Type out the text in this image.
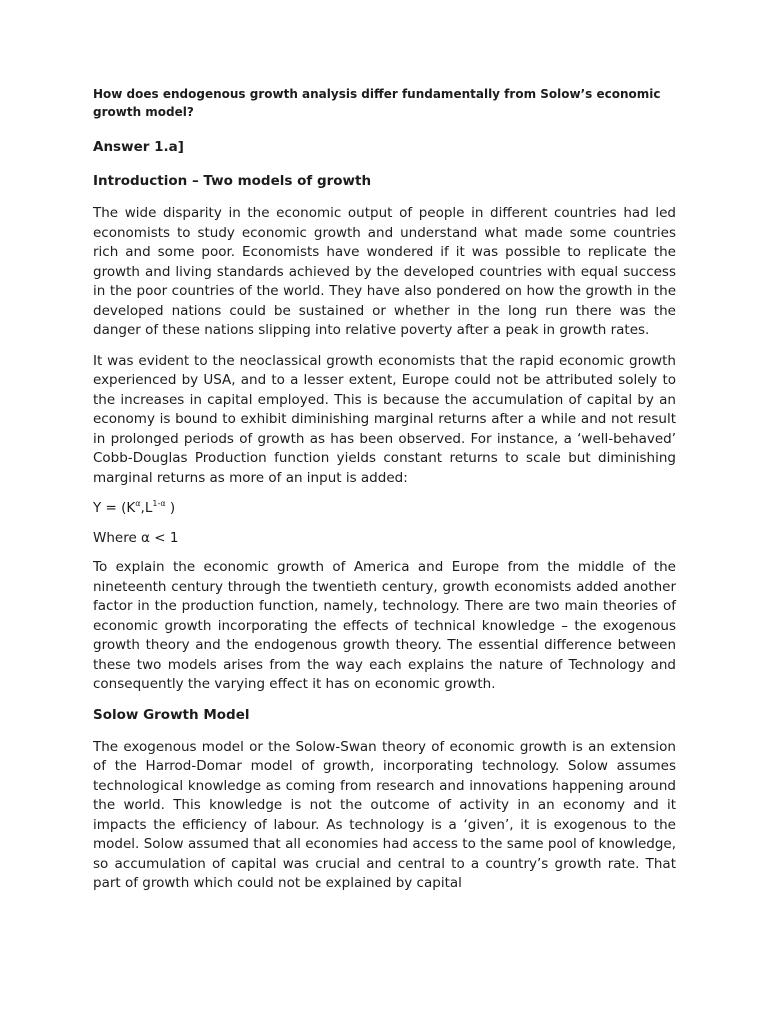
How does endogenous growth analysis differ fundamentally from Solow’s economic growth model?

Answer 1.a]

Introduction – Two models of growth

The wide disparity in the economic output of people in different countries had led economists to study economic growth and understand what made some countries rich and some poor. Economists have wondered if it was possible to replicate the growth and living standards achieved by the developed countries with equal success in the poor countries of the world. They have also pondered on how the growth in the developed nations could be sustained or whether in the long run there was the danger of these nations slipping into relative poverty after a peak in growth rates.

It was evident to the neoclassical growth economists that the rapid economic growth experienced by USA, and to a lesser extent, Europe could not be attributed solely to the increases in capital employed. This is because the accumulation of capital by an economy is bound to exhibit diminishing marginal returns after a while and not result in prolonged periods of growth as has been observed. For instance, a ‘well-behaved’ Cobb-Douglas Production function yields constant returns to scale but diminishing marginal returns as more of an input is added:

$Y = (K^\alpha,L^{1-\alpha}$ )

Where α < 1

To explain the economic growth of America and Europe from the middle of the nineteenth century through the twentieth century, growth economists added another factor in the production function, namely, technology. There are two main theories of economic growth incorporating the effects of technical knowledge – the exogenous growth theory and the endogenous growth theory. The essential difference between these two models arises from the way each explains the nature of Technology and consequently the varying effect it has on economic growth.

Solow Growth Model

The exogenous model or the Solow-Swan theory of economic growth is an extension of the Harrod-Domar model of growth, incorporating technology. Solow assumes technological knowledge as coming from research and innovations happening around the world. This knowledge is not the outcome of activity in an economy and it impacts the efficiency of labour. As technology is a ‘given’, it is exogenous to the model. Solow assumed that all economies had access to the same pool of knowledge, so accumulation of capital was crucial and central to a country’s growth rate. That part of growth which could not be explained by capital
